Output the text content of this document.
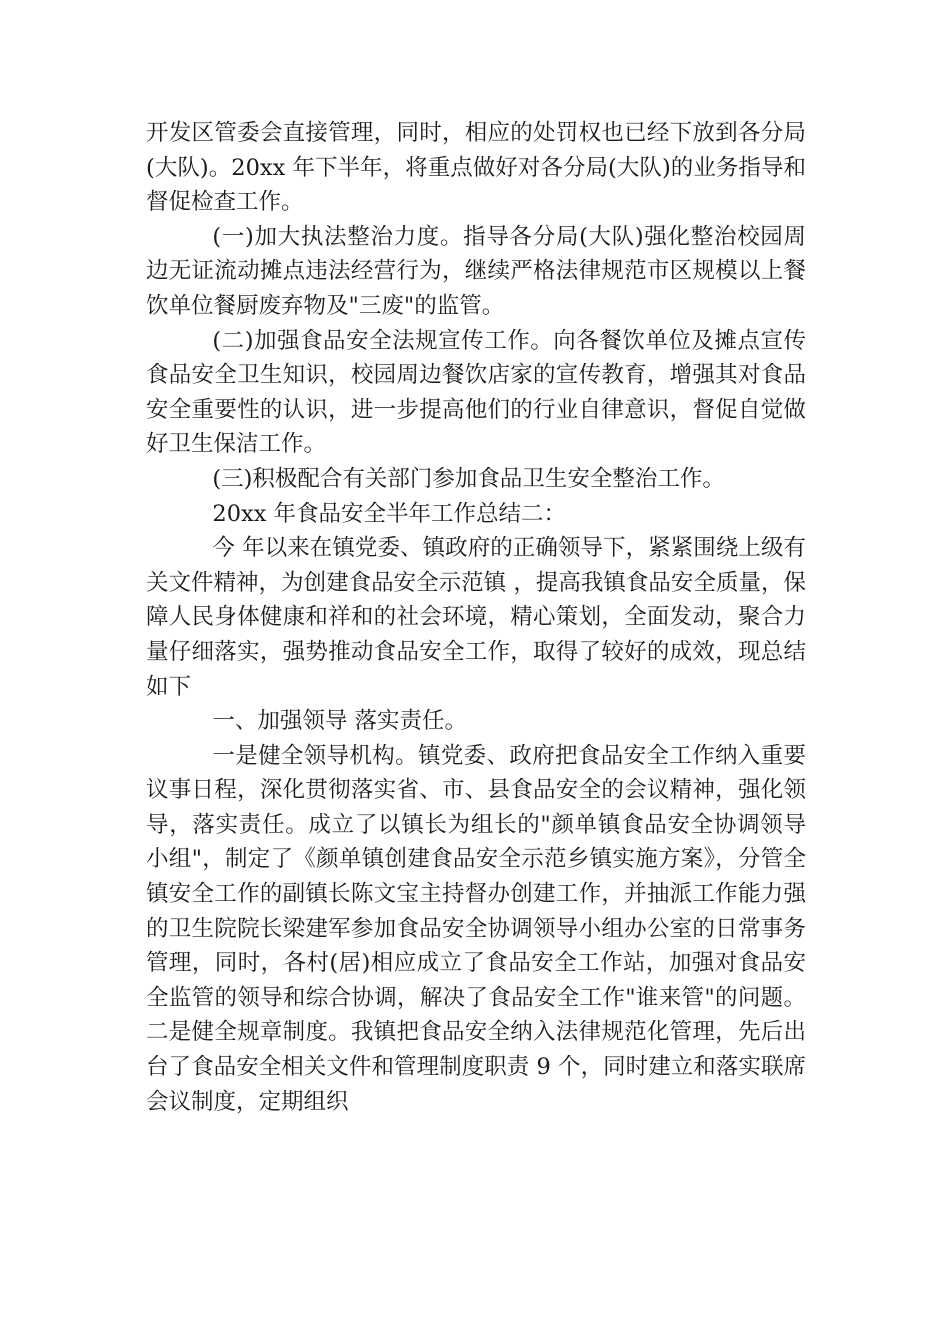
开发区管委会直接管理，同时，相应的处罚权也已经下放到各分局(大队)。20xx 年下半年，将重点做好对各分局(大队)的业务指导和督促检查工作。

(一)加大执法整治力度。指导各分局(大队)强化整治校园周边无证流动摊点违法经营行为，继续严格法律规范市区规模以上餐饮单位餐厨废弃物及"三废"的监管。

(二)加强食品安全法规宣传工作。向各餐饮单位及摊点宣传食品安全卫生知识，校园周边餐饮店家的宣传教育，增强其对食品安全重要性的认识，进一步提高他们的行业自律意识，督促自觉做好卫生保洁工作。

(三)积极配合有关部门参加食品卫生安全整治工作。

20xx 年食品安全半年工作总结二：

今 年以来在镇党委、镇政府的正确领导下，紧紧围绕上级有关文件精神，为创建食品安全示范镇 ，提高我镇食品安全质量，保障人民身体健康和祥和的社会环境，精心策划，全面发动，聚合力量仔细落实，强势推动食品安全工作，取得了较好的成效，现总结如下

一、加强领导 落实责任。

一是健全领导机构。镇党委、政府把食品安全工作纳入重要议事日程，深化贯彻落实省、市、县食品安全的会议精神，强化领导，落实责任。成立了以镇长为组长的"颜单镇食品安全协调领导小组"，制定了《颜单镇创建食品安全示范乡镇实施方案》，分管全镇安全工作的副镇长陈文宝主持督办创建工作，并抽派工作能力强的卫生院院长梁建军参加食品安全协调领导小组办公室的日常事务管理，同时，各村(居)相应成立了食品安全工作站，加强对食品安全监管的领导和综合协调，解决了食品安全工作"谁来管"的问题。 二是健全规章制度。我镇把食品安全纳入法律规范化管理，先后出台了食品安全相关文件和管理制度职责 9 个，同时建立和落实联席会议制度，定期组织
